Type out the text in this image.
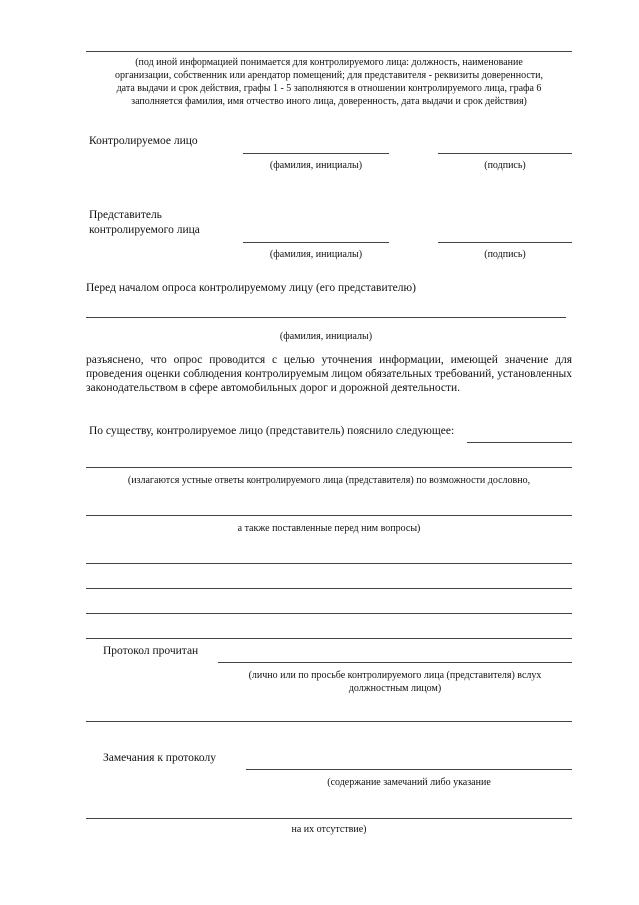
(под иной информацией понимается для контролируемого лица: должность, наименование
организации, собственник или арендатор помещений; для представителя - реквизиты доверенности,
дата выдачи и срок действия, графы 1 - 5 заполняются в отношении контролируемого лица, графа 6
заполняется фамилия, имя отчество иного лица, доверенность, дата выдачи и срок действия)
Контролируемое лицо
(фамилия, инициалы)	(подпись)
Представитель
контролируемого лица
(фамилия, инициалы)	(подпись)
Перед началом опроса контролируемому лицу (его представителю)
(фамилия, инициалы)
разъяснено, что опрос проводится с целью уточнения информации, имеющей значение для
проведения оценки соблюдения контролируемым лицом обязательных требований, установленных
законодательством в сфере автомобильных дорог и дорожной деятельности.
По существу, контролируемое лицо (представитель) пояснило следующее:
(излагаются устные ответы контролируемого лица (представителя) по возможности дословно,
а также поставленные перед ним вопросы)
Протокол прочитан
(лично или по просьбе контролируемого лица (представителя) вслух
должностным лицом)
Замечания к протоколу
(содержание замечаний либо указание
на их отсутствие)
